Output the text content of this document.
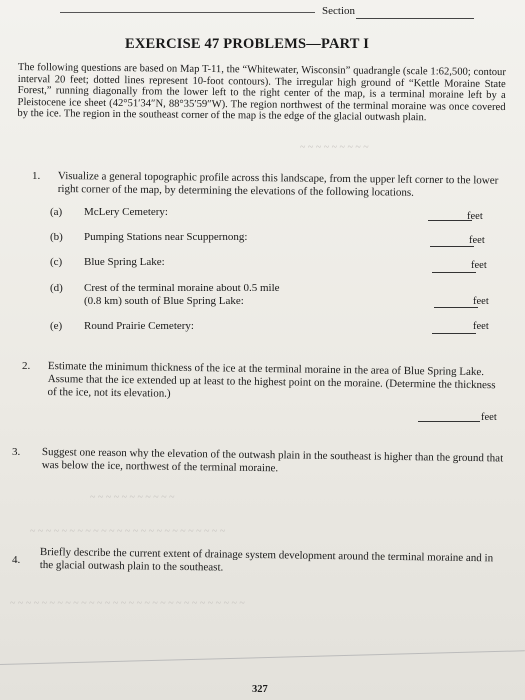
Section
EXERCISE 47 PROBLEMS—PART I
The following questions are based on Map T-11, the “Whitewater, Wisconsin” quadrangle (scale 1:62,500; contour interval 20 feet; dotted lines represent 10-foot contours). The irregular high ground of “Kettle Moraine State Forest,” running diagonally from the lower left to the right center of the map, is a terminal moraine left by a Pleistocene ice sheet (42°51′34″N, 88°35′59″W). The region northwest of the terminal moraine was once covered by the ice. The region in the southeast corner of the map is the edge of the glacial outwash plain.
~ ~ ~ ~ ~ ~ ~ ~ ~
1. Visualize a general topographic profile across this landscape, from the upper left corner to the lower right corner of the map, by determining the elevations of the following locations.
(a) McLery Cemetery:	feet
(b) Pumping Stations near Scuppernong:	feet
(c) Blue Spring Lake:	feet
(d) Crest of the terminal moraine about 0.5 mile
(0.8 km) south of Blue Spring Lake:	feet
(e) Round Prairie Cemetery:	feet
2. Estimate the minimum thickness of the ice at the terminal moraine in the area of Blue Spring Lake. Assume that the ice extended up at least to the highest point on the moraine. (Determine the thickness of the ice, not its elevation.)
feet
3. Suggest one reason why the elevation of the outwash plain in the southeast is higher than the ground that was below the ice, northwest of the terminal moraine.
~ ~ ~ ~ ~ ~ ~ ~ ~ ~ ~
~ ~ ~ ~ ~ ~ ~ ~ ~ ~ ~ ~ ~ ~ ~ ~ ~ ~ ~ ~ ~ ~ ~ ~ ~
4. Briefly describe the current extent of drainage system development around the terminal moraine and in the glacial outwash plain to the southeast.
~ ~ ~ ~ ~ ~ ~ ~ ~ ~ ~ ~ ~ ~ ~ ~ ~ ~ ~ ~ ~ ~ ~ ~ ~ ~ ~ ~ ~ ~
327
